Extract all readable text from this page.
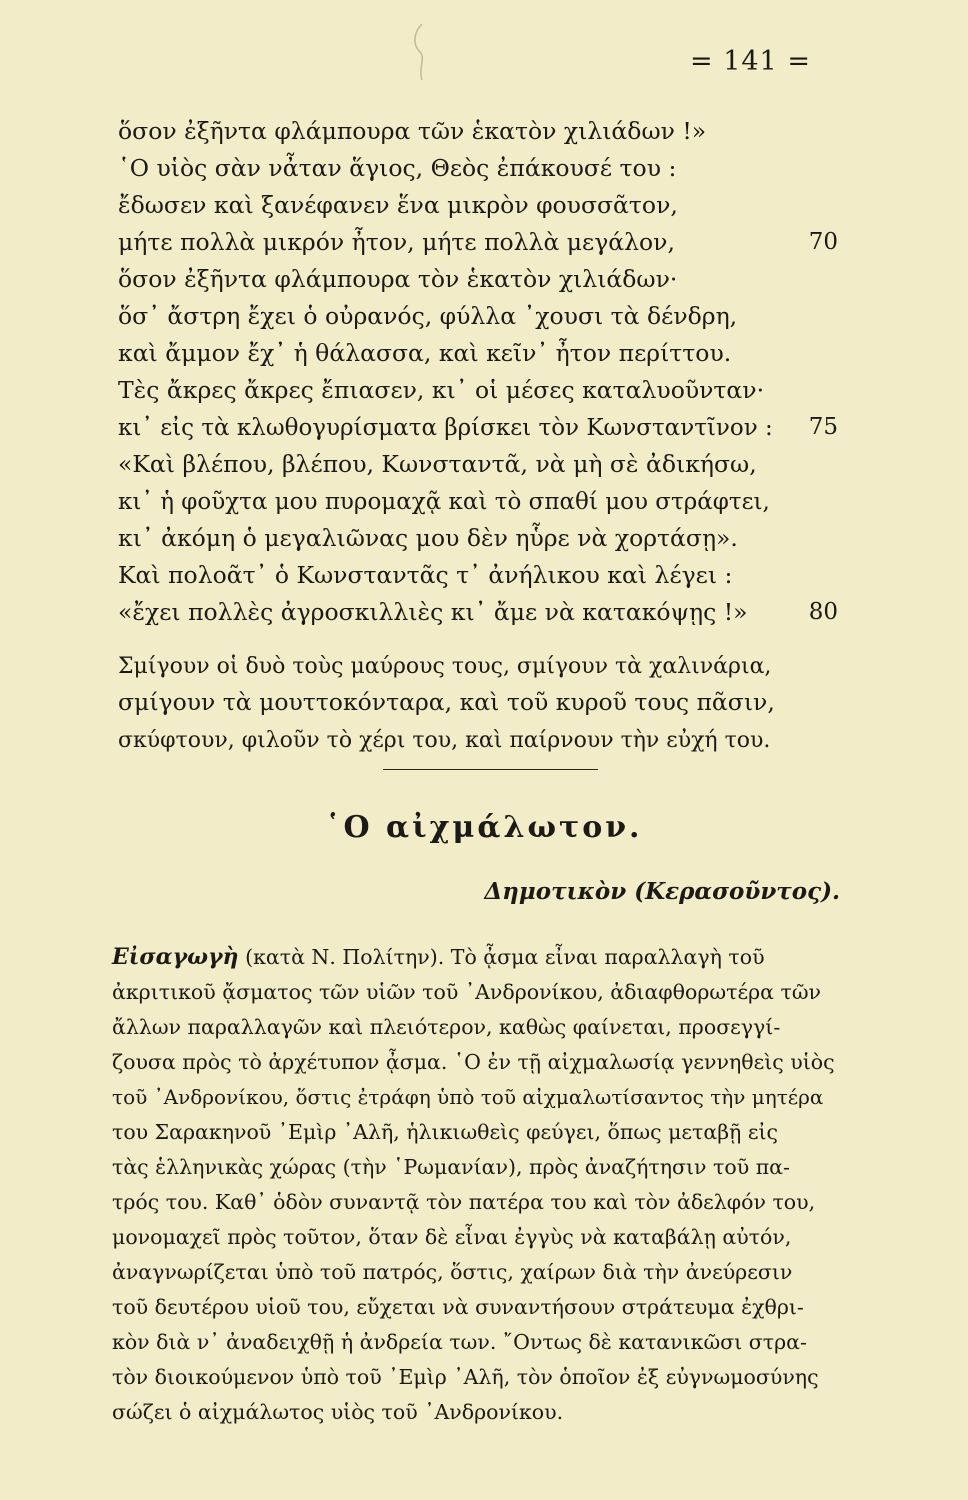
= 141 =
ὅσον ἐξῆντα φλάμπουρα τῶν ἑκατὸν χιλιάδων !»
῾Ο υἱὸς σὰν νἆταν ἅγιος, Θεὸς ἐπάκουσέ του :
ἔδωσεν καὶ ξανέφανεν ἕνα μικρὸν φουσσᾶτον,
μήτε πολλὰ μικρόν ἦτον, μήτε πολλὰ μεγάλον,	70
ὅσον ἐξῆντα φλάμπουρα τὸν ἑκατὸν χιλιάδων·
ὅσ᾽ ἄστρη ἔχει ὁ οὐρανός, φύλλα ᾽χουσι τὰ δένδρη,
καὶ ἄμμον ἔχ᾽ ἡ θάλασσα, καὶ κεῖν᾽ ἦτον περίττου.
Τὲς ἄκρες ἄκρες ἔπιασεν, κι᾽ οἱ μέσες καταλυοῦνταν·
κι᾽ εἰς τὰ κλωθογυρίσματα βρίσκει τὸν Κωνσταντῖνον : 75
«Καὶ βλέπου, βλέπου, Κωνσταντᾶ, νὰ μὴ σὲ ἀδικήσω,
κι᾽ ἡ φοῦχτα μου πυρομαχᾷ καὶ τὸ σπαθί μου στράφτει,
κι᾽ ἀκόμη ὁ μεγαλιῶνας μου δὲν ηὗρε νὰ χορτάσῃ».
Καὶ πολοᾶτ᾽ ὁ Κωνσταντᾶς τ᾽ ἀνήλικου καὶ λέγει :
«ἔχει πολλὲς ἀγροσκιλλιὲς κι᾽ ἄμε νὰ κατακόψῃς !»	80
Σμίγουν οἱ δυὸ τοὺς μαύρους τους, σμίγουν τὰ χαλινάρια,
σμίγουν τὰ μουττοκόνταρα, καὶ τοῦ κυροῦ τους πᾶσιν,
σκύφτουν, φιλοῦν τὸ χέρι του, καὶ παίρνουν τὴν εὐχή του.
῾Ο αἰχμάλωτον.
Δημοτικὸν (Κερασοῦντος).
Εἰσαγωγὴ (κατὰ Ν. Πολίτην). Τὸ ᾆσμα εἶναι παραλλαγὴ τοῦ
ἀκριτικοῦ ᾄσματος τῶν υἱῶν τοῦ ᾽Ανδρονίκου, ἀδιαφθορωτέρα τῶν
ἄλλων παραλλαγῶν καὶ πλειότερον, καθὼς φαίνεται, προσεγγί-
ζουσα πρὸς τὸ ἀρχέτυπον ᾆσμα. ῾Ο ἐν τῇ αἰχμαλωσίᾳ γεννηθεὶς υἱὸς
τοῦ ᾽Ανδρονίκου, ὅστις ἐτράφη ὑπὸ τοῦ αἰχμαλωτίσαντος τὴν μητέρα
του Σαρακηνοῦ ᾽Εμὶρ ᾽Αλῆ, ἡλικιωθεὶς φεύγει, ὅπως μεταβῇ εἰς
τὰς ἑλληνικὰς χώρας (τὴν ῾Ρωμανίαν), πρὸς ἀναζήτησιν τοῦ πα-
τρός του. Καθ᾽ ὁδὸν συναντᾷ τὸν πατέρα του καὶ τὸν ἀδελφόν του,
μονομαχεῖ πρὸς τοῦτον, ὅταν δὲ εἶναι ἐγγὺς νὰ καταβάλῃ αὐτόν,
ἀναγνωρίζεται ὑπὸ τοῦ πατρός, ὅστις, χαίρων διὰ τὴν ἀνεύρεσιν
τοῦ δευτέρου υἱοῦ του, εὔχεται νὰ συναντήσουν στράτευμα ἐχθρι-
κὸν διὰ ν᾽ ἀναδειχθῇ ἡ ἀνδρεία των. ῎Οντως δὲ κατανικῶσι στρα-
τὸν διοικούμενον ὑπὸ τοῦ ᾽Εμὶρ ᾽Αλῆ, τὸν ὁποῖον ἐξ εὐγνωμοσύνης
σώζει ὁ αἰχμάλωτος υἱὸς τοῦ ᾽Ανδρονίκου.
